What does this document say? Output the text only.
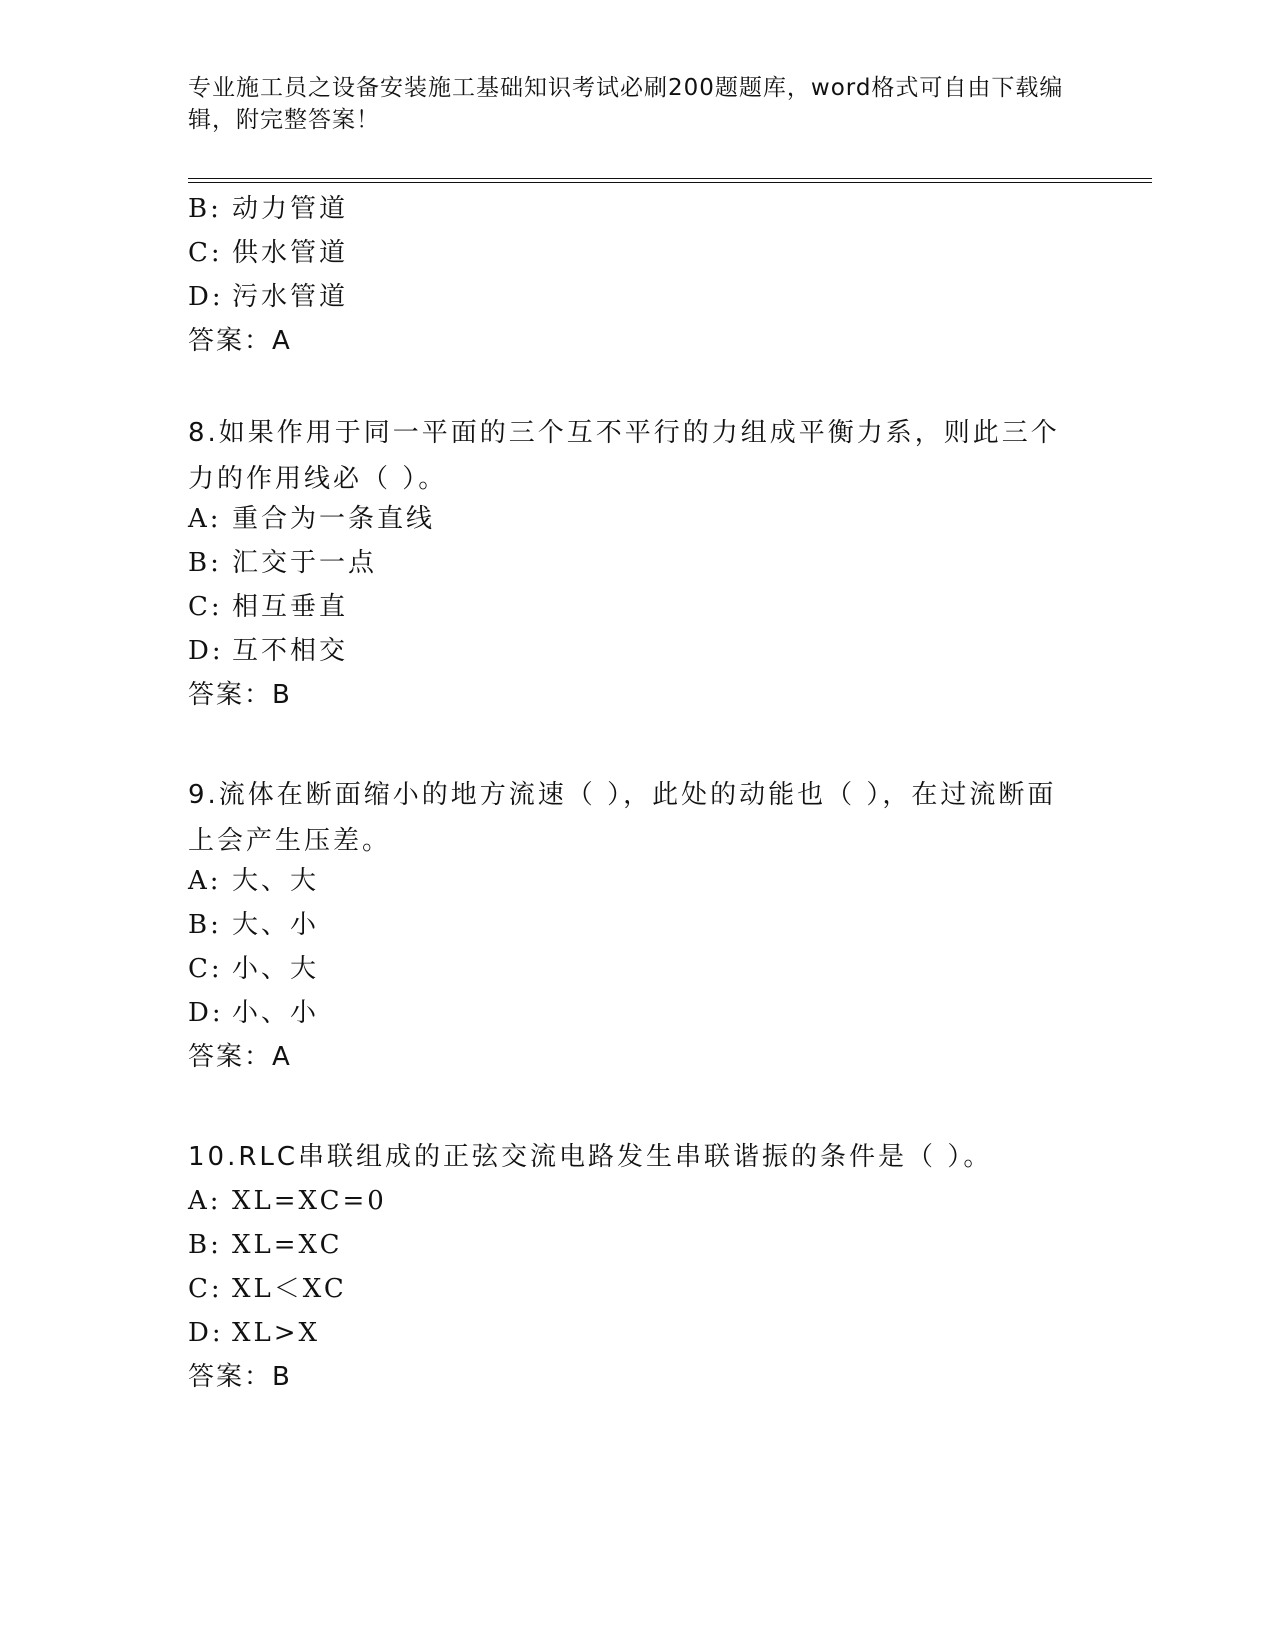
专业施工员之设备安装施工基础知识考试必刷200题题库，word格式可自由下载编辑，附完整答案！
B: 动力管道
C: 供水管道
D: 污水管道
答案：A
8.如果作用于同一平面的三个互不平行的力组成平衡力系，则此三个力的作用线必（ ）。
A: 重合为一条直线
B: 汇交于一点
C: 相互垂直
D: 互不相交
答案：B
9.流体在断面缩小的地方流速（ ），此处的动能也（ ），在过流断面上会产生压差。
A: 大、大
B: 大、小
C: 小、大
D: 小、小
答案：A
10.RLC串联组成的正弦交流电路发生串联谐振的条件是（ ）。
A: XL=XC=0
B: XL=XC
C: XL＜XC
D: XL>X
答案：B
